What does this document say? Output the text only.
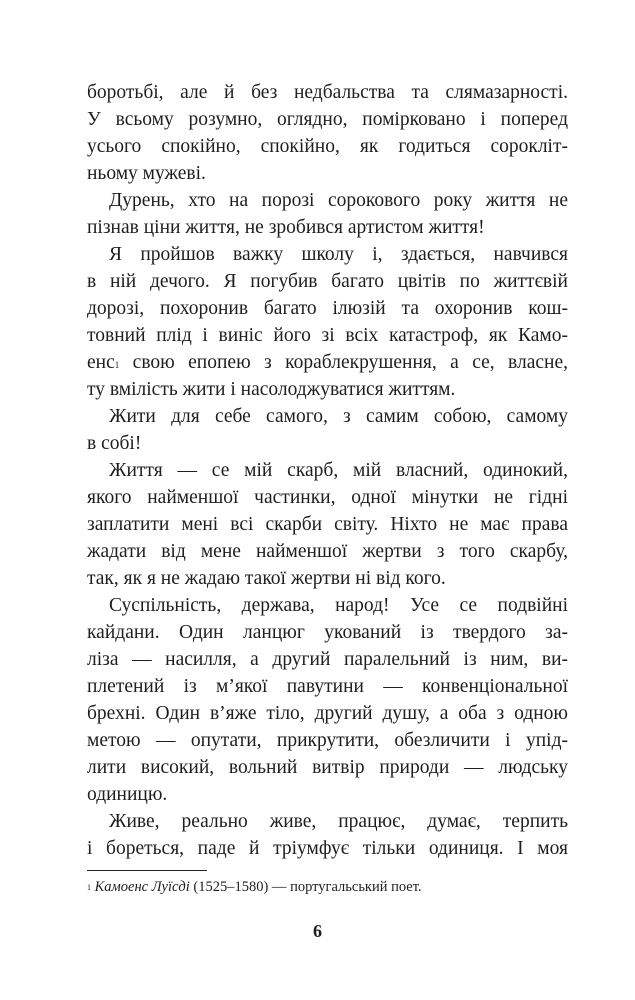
боротьбі, але й без недбальства та слямазарності.
У всьому розумно, оглядно, помірковано і поперед
усього спокійно, спокійно, як годиться сорокліт-
ньому мужеві.
Дурень, хто на порозі сорокового року життя не
пізнав ціни життя, не зробився артистом життя!
Я пройшов важку школу і, здається, навчився
в ній дечого. Я погубив багато цвітів по життєвій
дорозі, похоронив багато ілюзій та охоронив кош-
товний плід і виніс його зі всіх катастроф, як Камо-
енс$^1$ свою епопею з кораблекрушення, а се, власне,
ту вмілість жити і насолоджуватися життям.
Жити для себе самого, з самим собою, самому
в собі!
Життя — се мій скарб, мій власний, одинокий,
якого найменшої частинки, одної мінутки не гідні
заплатити мені всі скарби світу. Ніхто не має права
жадати від мене найменшої жертви з того скарбу,
так, як я не жадаю такої жертви ні від кого.
Суспільність, держава, народ! Усе се подвійні
кайдани. Один ланцюг укований із твердого за-
ліза — насилля, а другий паралельний із ним, ви-
плетений із м’якої павутини — конвенціональної
брехні. Один в’яже тіло, другий душу, а оба з одною
метою — опутати, прикрутити, обезличити і упід-
лити високий, вольний витвір природи — людську
одиницю.
Живе, реально живе, працює, думає, терпить
і бореться, паде й тріумфує тільки одиниця. І моя
$^1$ Камоенс Луїсді (1525–1580) — португальський поет.
6
